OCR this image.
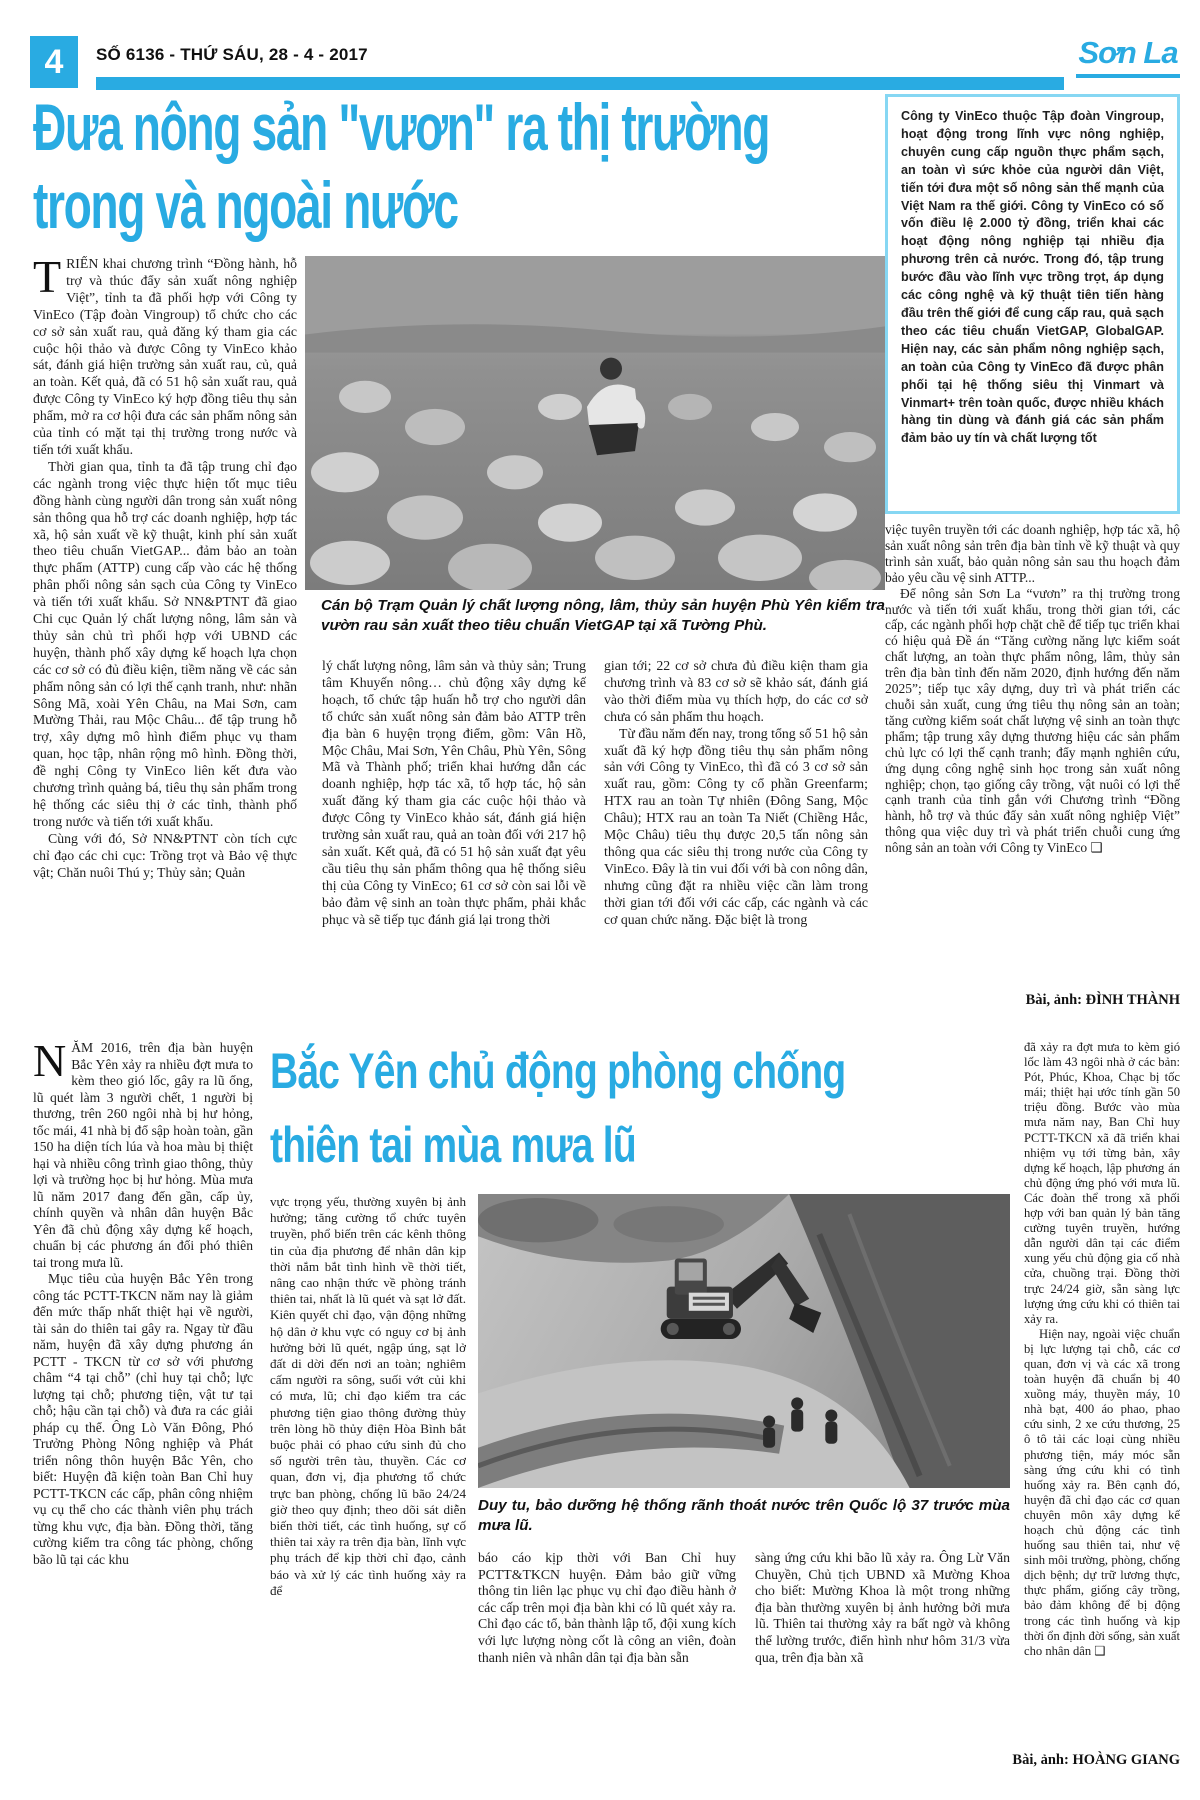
4	SỐ 6136 - THỨ SÁU, 28 - 4 - 2017	Sơn La
Đưa nông sản "vươn" ra thị trường
trong và ngoài nước
Công ty VinEco thuộc Tập đoàn Vingroup, hoạt động trong lĩnh vực nông nghiệp, chuyên cung cấp nguồn thực phẩm sạch, an toàn vì sức khỏe của người dân Việt, tiến tới đưa một số nông sản thế mạnh của Việt Nam ra thế giới. Công ty VinEco có số vốn điều lệ 2.000 tỷ đồng, triển khai các hoạt động nông nghiệp tại nhiều địa phương trên cả nước. Trong đó, tập trung bước đầu vào lĩnh vực trồng trọt, áp dụng các công nghệ và kỹ thuật tiên tiến hàng đầu trên thế giới để cung cấp rau, quả sạch theo các tiêu chuẩn VietGAP, GlobalGAP. Hiện nay, các sản phẩm nông nghiệp sạch, an toàn của Công ty VinEco đã được phân phối tại hệ thống siêu thị Vinmart và Vinmart+ trên toàn quốc, được nhiều khách hàng tin dùng và đánh giá các sản phẩm đảm bảo uy tín và chất lượng tốt

TRIỂN khai chương trình “Đồng hành, hỗ trợ và thúc đẩy sản xuất nông nghiệp Việt”, tỉnh ta đã phối hợp với Công ty VinEco (Tập đoàn Vingroup) tổ chức cho các cơ sở sản xuất rau, quả đăng ký tham gia các cuộc hội thảo và được Công ty VinEco khảo sát, đánh giá hiện trường sản xuất rau, củ, quả an toàn. Kết quả, đã có 51 hộ sản xuất rau, quả được Công ty VinEco ký hợp đồng tiêu thụ sản phẩm, mở ra cơ hội đưa các sản phẩm nông sản của tỉnh có mặt tại thị trường trong nước và tiến tới xuất khẩu.

Thời gian qua, tỉnh ta đã tập trung chỉ đạo các ngành trong việc thực hiện tốt mục tiêu đồng hành cùng người dân trong sản xuất nông sản thông qua hỗ trợ các doanh nghiệp, hợp tác xã, hộ sản xuất về kỹ thuật, kinh phí sản xuất theo tiêu chuẩn VietGAP... đảm bảo an toàn thực phẩm (ATTP) cung cấp vào các hệ thống phân phối nông sản sạch của Công ty VinEco và tiến tới xuất khẩu. Sở NN&PTNT đã giao Chi cục Quản lý chất lượng nông, lâm sản và thủy sản chủ trì phối hợp với UBND các huyện, thành phố xây dựng kế hoạch lựa chọn các cơ sở có đủ điều kiện, tiềm năng về các sản phẩm nông sản có lợi thế cạnh tranh, như: nhãn Sông Mã, xoài Yên Châu, na Mai Sơn, cam Mường Thải, rau Mộc Châu... để tập trung hỗ trợ, xây dựng mô hình điểm phục vụ tham quan, học tập, nhân rộng mô hình. Đồng thời, đề nghị Công ty VinEco liên kết đưa vào chương trình quảng bá, tiêu thụ sản phẩm trong hệ thống các siêu thị ở các tỉnh, thành phố trong nước và tiến tới xuất khẩu.

Cùng với đó, Sở NN&PTNT còn tích cực chỉ đạo các chi cục: Trồng trọt và Bảo vệ thực vật; Chăn nuôi Thú y; Thủy sản; Quản

Cán bộ Trạm Quản lý chất lượng nông, lâm, thủy sản huyện Phù Yên kiểm tra vườn rau sản xuất theo tiêu chuẩn VietGAP tại xã Tường Phù.

lý chất lượng nông, lâm sản và thủy sản; Trung tâm Khuyến nông… chủ động xây dựng kế hoạch, tổ chức tập huấn hỗ trợ cho người dân tổ chức sản xuất nông sản đảm bảo ATTP trên địa bàn 6 huyện trọng điểm, gồm: Vân Hồ, Mộc Châu, Mai Sơn, Yên Châu, Phù Yên, Sông Mã và Thành phố; triển khai hướng dẫn các doanh nghiệp, hợp tác xã, tổ hợp tác, hộ sản xuất đăng ký tham gia các cuộc hội thảo và được Công ty VinEco khảo sát, đánh giá hiện trường sản xuất rau, quả an toàn đối với 217 hộ sản xuất. Kết quả, đã có 51 hộ sản xuất đạt yêu cầu tiêu thụ sản phẩm thông qua hệ thống siêu thị của Công ty VinEco; 61 cơ sở còn sai lỗi về bảo đảm vệ sinh an toàn thực phẩm, phải khắc phục và sẽ tiếp tục đánh giá lại trong thời

gian tới; 22 cơ sở chưa đủ điều kiện tham gia chương trình và 83 cơ sở sẽ khảo sát, đánh giá vào thời điểm mùa vụ thích hợp, do các cơ sở chưa có sản phẩm thu hoạch.

Từ đầu năm đến nay, trong tổng số 51 hộ sản xuất đã ký hợp đồng tiêu thụ sản phẩm nông sản với Công ty VinEco, thì đã có 3 cơ sở sản xuất rau, gồm: Công ty cổ phần Greenfarm; HTX rau an toàn Tự nhiên (Đông Sang, Mộc Châu); HTX rau an toàn Ta Niết (Chiềng Hắc, Mộc Châu) tiêu thụ được 20,5 tấn nông sản thông qua các siêu thị trong nước của Công ty VinEco. Đây là tin vui đối với bà con nông dân, nhưng cũng đặt ra nhiều việc cần làm trong thời gian tới đối với các cấp, các ngành và các cơ quan chức năng. Đặc biệt là trong

việc tuyên truyền tới các doanh nghiệp, hợp tác xã, hộ sản xuất nông sản trên địa bàn tỉnh về kỹ thuật và quy trình sản xuất, bảo quản nông sản sau thu hoạch đảm bảo yêu cầu vệ sinh ATTP...

Để nông sản Sơn La “vươn” ra thị trường trong nước và tiến tới xuất khẩu, trong thời gian tới, các cấp, các ngành phối hợp chặt chẽ để tiếp tục triển khai có hiệu quả Đề án “Tăng cường năng lực kiểm soát chất lượng, an toàn thực phẩm nông, lâm, thủy sản trên địa bàn tỉnh đến năm 2020, định hướng đến năm 2025”; tiếp tục xây dựng, duy trì và phát triển các chuỗi sản xuất, cung ứng tiêu thụ nông sản an toàn; tăng cường kiểm soát chất lượng vệ sinh an toàn thực phẩm; tập trung xây dựng thương hiệu các sản phẩm chủ lực có lợi thế cạnh tranh; đẩy mạnh nghiên cứu, ứng dụng công nghệ sinh học trong sản xuất nông nghiệp; chọn, tạo giống cây trồng, vật nuôi có lợi thế cạnh tranh của tỉnh gắn với Chương trình “Đồng hành, hỗ trợ và thúc đẩy sản xuất nông nghiệp Việt” thông qua việc duy trì và phát triển chuỗi cung ứng nông sản an toàn với Công ty VinEco ❑

Bài, ảnh: ĐÌNH THÀNH
Bắc Yên chủ động phòng chống
thiên tai mùa mưa lũ

NĂM 2016, trên địa bàn huyện Bắc Yên xảy ra nhiều đợt mưa to kèm theo gió lốc, gây ra lũ ống, lũ quét làm 3 người chết, 1 người bị thương, trên 260 ngôi nhà bị hư hỏng, tốc mái, 41 nhà bị đổ sập hoàn toàn, gần 150 ha diện tích lúa và hoa màu bị thiệt hại và nhiều công trình giao thông, thủy lợi và trường học bị hư hỏng. Mùa mưa lũ năm 2017 đang đến gần, cấp ủy, chính quyền và nhân dân huyện Bắc Yên đã chủ động xây dựng kế hoạch, chuẩn bị các phương án đối phó thiên tai trong mưa lũ.

Mục tiêu của huyện Bắc Yên trong công tác PCTT-TKCN năm nay là giảm đến mức thấp nhất thiệt hại về người, tài sản do thiên tai gây ra. Ngay từ đầu năm, huyện đã xây dựng phương án PCTT - TKCN từ cơ sở với phương châm “4 tại chỗ” (chỉ huy tại chỗ; lực lượng tại chỗ; phương tiện, vật tư tại chỗ; hậu cần tại chỗ) và đưa ra các giải pháp cụ thể. Ông Lò Văn Đông, Phó Trưởng Phòng Nông nghiệp và Phát triển nông thôn huyện Bắc Yên, cho biết: Huyện đã kiện toàn Ban Chỉ huy PCTT-TKCN các cấp, phân công nhiệm vụ cụ thể cho các thành viên phụ trách từng khu vực, địa bàn. Đồng thời, tăng cường kiểm tra công tác phòng, chống bão lũ tại các khu

vực trọng yếu, thường xuyên bị ảnh hưởng; tăng cường tổ chức tuyên truyền, phổ biến trên các kênh thông tin của địa phương để nhân dân kịp thời nắm bắt tình hình về thời tiết, nâng cao nhận thức về phòng tránh thiên tai, nhất là lũ quét và sạt lở đất. Kiên quyết chỉ đạo, vận động những hộ dân ở khu vực có nguy cơ bị ảnh hưởng bởi lũ quét, ngập úng, sạt lở đất di dời đến nơi an toàn; nghiêm cấm người ra sông, suối vớt củi khi có mưa, lũ; chỉ đạo kiểm tra các phương tiện giao thông đường thủy trên lòng hồ thủy điện Hòa Bình bắt buộc phải có phao cứu sinh đủ cho số người trên tàu, thuyền. Các cơ quan, đơn vị, địa phương tổ chức trực ban phòng, chống lũ bão 24/24 giờ theo quy định; theo dõi sát diễn biến thời tiết, các tình huống, sự cố thiên tai xảy ra trên địa bàn, lĩnh vực phụ trách để kịp thời chỉ đạo, cảnh báo và xử lý các tình huống xảy ra để

Duy tu, bảo dưỡng hệ thống rãnh thoát nước trên Quốc lộ 37 trước mùa mưa lũ.

báo cáo kịp thời với Ban Chỉ huy PCTT&TKCN huyện. Đảm bảo giữ vững thông tin liên lạc phục vụ chỉ đạo điều hành ở các cấp trên mọi địa bàn khi có lũ quét xảy ra. Chỉ đạo các tổ, bản thành lập tổ, đội xung kích với lực lượng nòng cốt là công an viên, đoàn thanh niên và nhân dân tại địa bàn sẵn

sàng ứng cứu khi bão lũ xảy ra. Ông Lừ Văn Chuyền, Chủ tịch UBND xã Mường Khoa cho biết: Mường Khoa là một trong những địa bàn thường xuyên bị ảnh hưởng bởi mưa lũ. Thiên tai thường xảy ra bất ngờ và không thể lường trước, điển hình như hôm 31/3 vừa qua, trên địa bàn xã

đã xảy ra đợt mưa to kèm gió lốc làm 43 ngôi nhà ở các bản: Pót, Phúc, Khoa, Chạc bị tốc mái; thiệt hại ước tính gần 50 triệu đồng. Bước vào mùa mưa năm nay, Ban Chỉ huy PCTT-TKCN xã đã triển khai nhiệm vụ tới từng bản, xây dựng kế hoạch, lập phương án chủ động ứng phó với mưa lũ. Các đoàn thể trong xã phối hợp với ban quản lý bản tăng cường tuyên truyền, hướng dẫn người dân tại các điểm xung yếu chủ động gia cố nhà cửa, chuồng trại. Đồng thời trực 24/24 giờ, sẵn sàng lực lượng ứng cứu khi có thiên tai xảy ra.

Hiện nay, ngoài việc chuẩn bị lực lượng tại chỗ, các cơ quan, đơn vị và các xã trong toàn huyện đã chuẩn bị 40 xuồng máy, thuyền máy, 10 nhà bạt, 400 áo phao, phao cứu sinh, 2 xe cứu thương, 25 ô tô tải các loại cùng nhiều phương tiện, máy móc sẵn sàng ứng cứu khi có tình huống xảy ra. Bên cạnh đó, huyện đã chỉ đạo các cơ quan chuyên môn xây dựng kế hoạch chủ động các tình huống sau thiên tai, như vệ sinh môi trường, phòng, chống dịch bệnh; dự trữ lương thực, thực phẩm, giống cây trồng, bảo đảm không để bị động trong các tình huống và kịp thời ổn định đời sống, sản xuất cho nhân dân ❑

Bài, ảnh: HOÀNG GIANG
